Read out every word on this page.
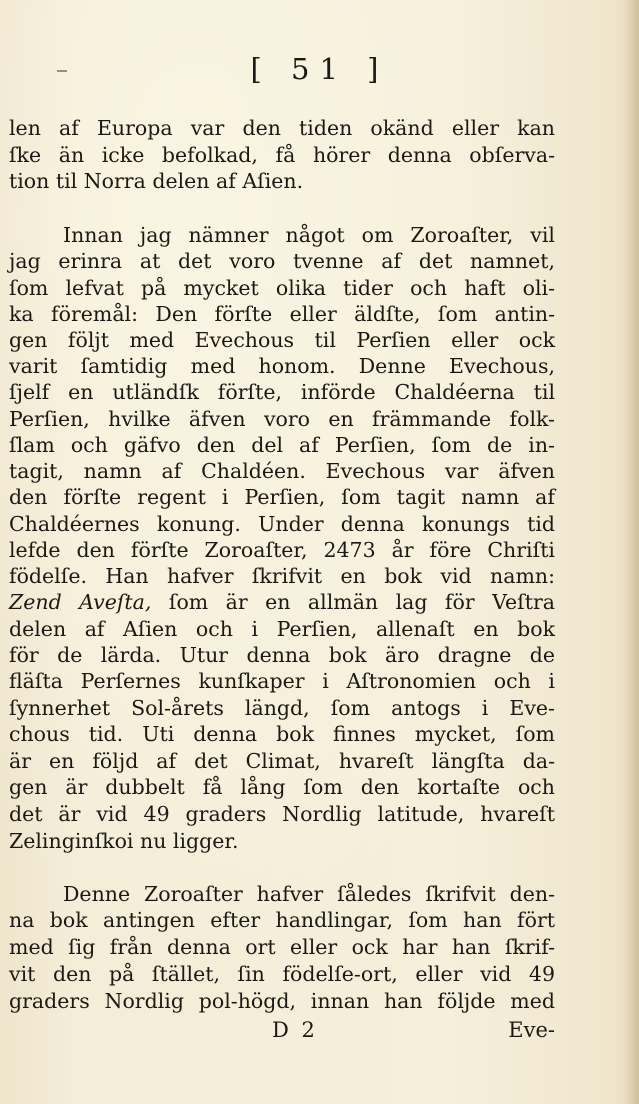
[ 51 ]
len af Europa var den tiden okänd eller kan
ſke än icke befolkad, få hörer denna obſerva-
tion til Norra delen af Aſien.
Innan jag nämner något om Zoroaſter, vil
jag erinra at det voro tvenne af det namnet,
ſom lefvat på mycket olika tider och haft oli-
ka föremål: Den förſte eller äldſte, ſom antin-
gen följt med Evechous til Perſien eller ock
varit ſamtidig med honom. Denne Evechous,
ſjelf en utländſk förſte, införde Chaldéerna til
Perſien, hvilke äfven voro en främmande folk-
ſlam och gäfvo den del af Perſien, ſom de in-
tagit, namn af Chaldéen. Evechous var äfven
den förſte regent i Perſien, ſom tagit namn af
Chaldéernes konung. Under denna konungs tid
lefde den förſte Zoroaſter, 2473 år före Chriſti
födelſe. Han hafver ſkrifvit en bok vid namn:
Zend Aveſta, ſom är en allmän lag för Veſtra
delen af Aſien och i Perſien, allenaſt en bok
för de lärda. Utur denna bok äro dragne de
fläſta Perſernes kunſkaper i Aſtronomien och i
ſynnerhet Sol-årets längd, ſom antogs i Eve-
chous tid. Uti denna bok finnes mycket, ſom
är en följd af det Climat, hvareſt längſta da-
gen är dubbelt få lång ſom den kortaſte och
det är vid 49 graders Nordlig latitude, hvareſt
Zelinginſkoi nu ligger.
Denne Zoroaſter hafver ſåledes ſkrifvit den-
na bok antingen efter handlingar, ſom han fört
med ſig från denna ort eller ock har han ſkrif-
vit den på ſtället, ſin födelſe-ort, eller vid 49
graders Nordlig pol-högd, innan han följde med
D 2	Eve-
